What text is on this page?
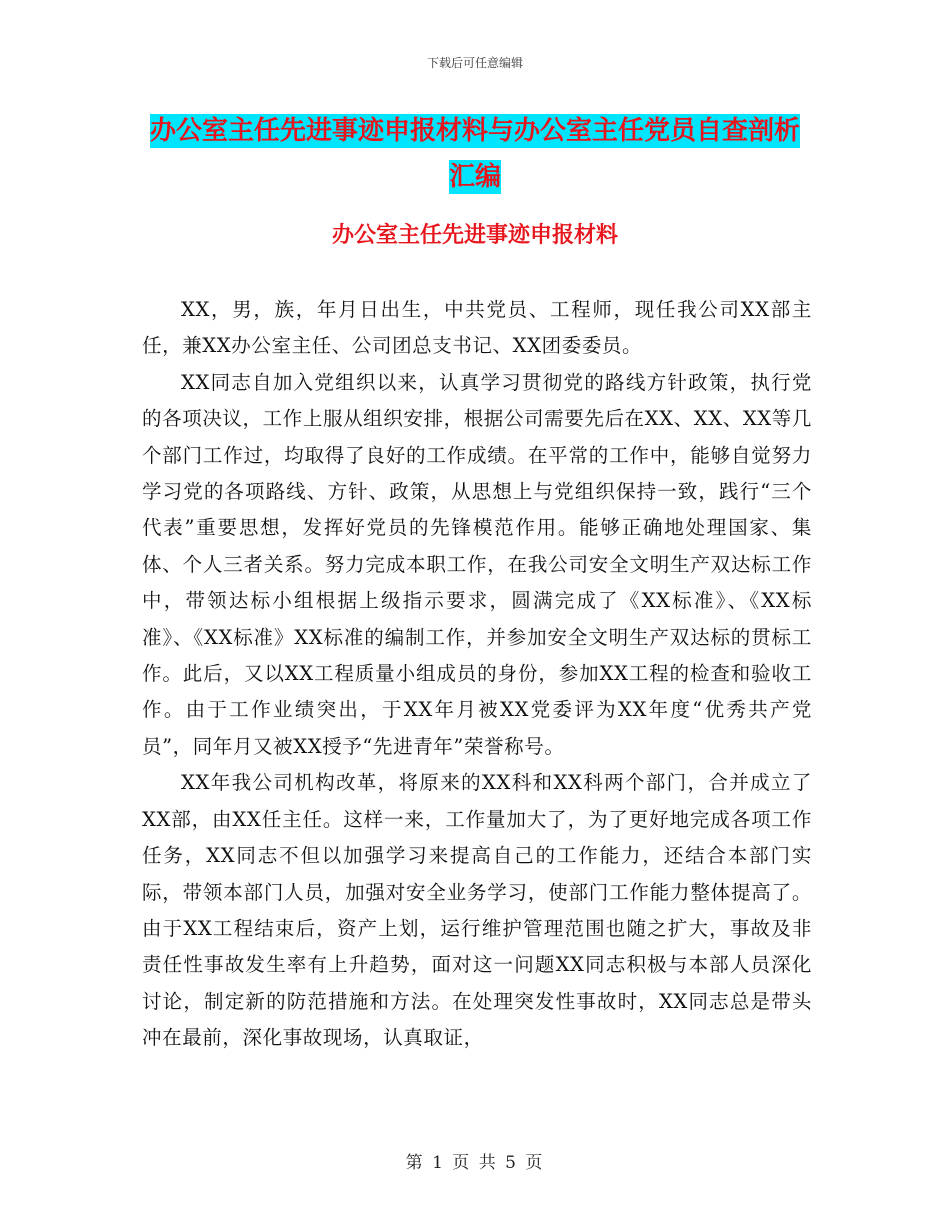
下载后可任意编辑
办公室主任先进事迹申报材料与办公室主任党员自查剖析汇编
办公室主任先进事迹申报材料

XX，男，族，年月日出生，中共党员、工程师，现任我公司XX部主任，兼XX办公室主任、公司团总支书记、XX团委委员。

XX同志自加入党组织以来，认真学习贯彻党的路线方针政策，执行党的各项决议，工作上服从组织安排，根据公司需要先后在XX、XX、XX等几个部门工作过，均取得了良好的工作成绩。在平常的工作中，能够自觉努力学习党的各项路线、方针、政策，从思想上与党组织保持一致，践行“三个代表”重要思想，发挥好党员的先锋模范作用。能够正确地处理国家、集体、个人三者关系。努力完成本职工作，在我公司安全文明生产双达标工作中，带领达标小组根据上级指示要求，圆满完成了《XX标准》、《XX标准》、《XX标准》XX标准的编制工作，并参加安全文明生产双达标的贯标工作。此后，又以XX工程质量小组成员的身份，参加XX工程的检查和验收工作。由于工作业绩突出，于XX年月被XX党委评为XX年度“优秀共产党员”，同年月又被XX授予“先进青年”荣誉称号。

XX年我公司机构改革，将原来的XX科和XX科两个部门，合并成立了XX部，由XX任主任。这样一来，工作量加大了，为了更好地完成各项工作任务，XX同志不但以加强学习来提高自己的工作能力，还结合本部门实际，带领本部门人员，加强对安全业务学习，使部门工作能力整体提高了。由于XX工程结束后，资产上划，运行维护管理范围也随之扩大，事故及非责任性事故发生率有上升趋势，面对这一问题XX同志积极与本部人员深化讨论，制定新的防范措施和方法。在处理突发性事故时，XX同志总是带头冲在最前，深化事故现场，认真取证，

第 1 页 共 5 页
